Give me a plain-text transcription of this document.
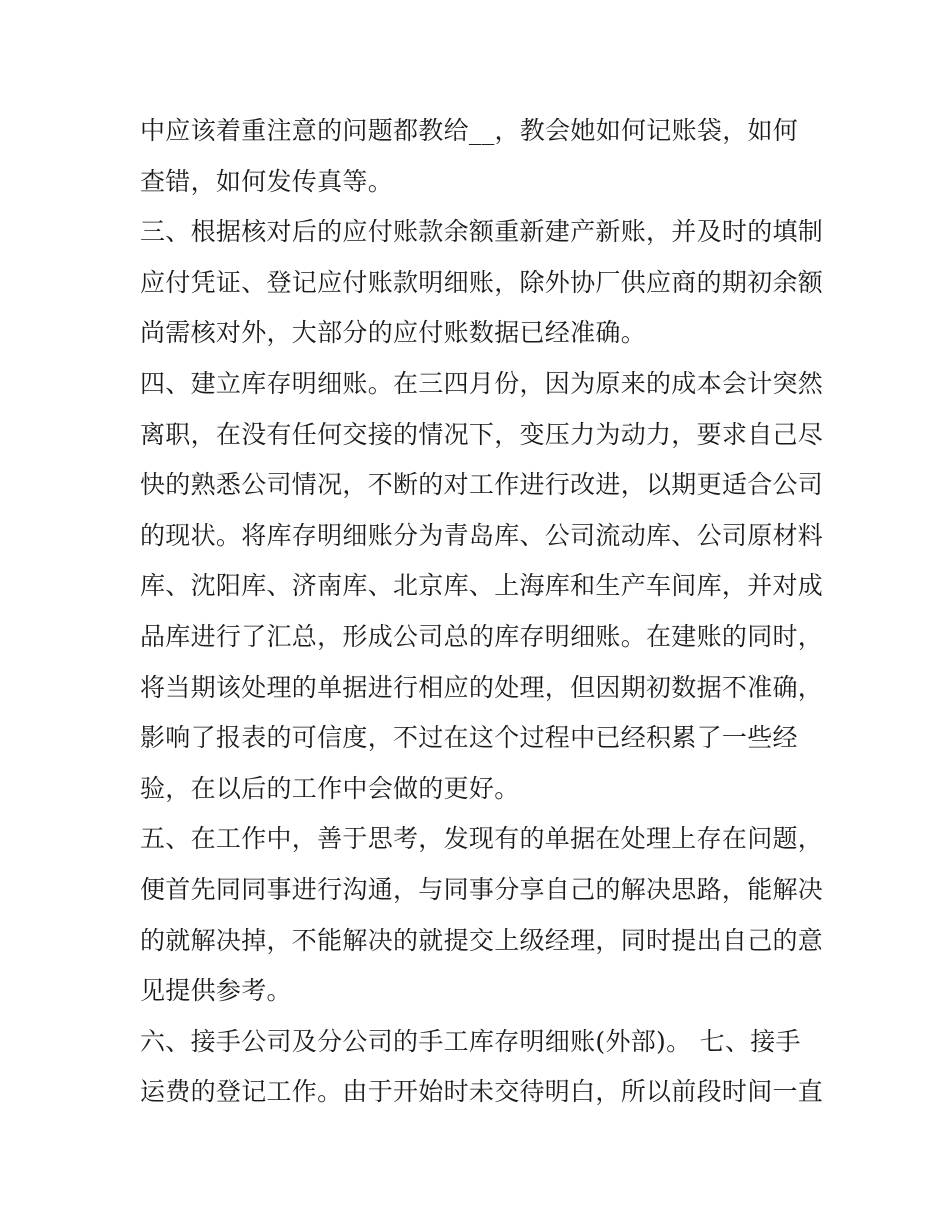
中应该着重注意的问题都教给__，教会她如何记账袋，如何
查错，如何发传真等。
三、根据核对后的应付账款余额重新建产新账，并及时的填制
应付凭证、登记应付账款明细账，除外协厂供应商的期初余额
尚需核对外，大部分的应付账数据已经准确。
四、建立库存明细账。在三四月份，因为原来的成本会计突然
离职，在没有任何交接的情况下，变压力为动力，要求自己尽
快的熟悉公司情况，不断的对工作进行改进，以期更适合公司
的现状。将库存明细账分为青岛库、公司流动库、公司原材料
库、沈阳库、济南库、北京库、上海库和生产车间库，并对成
品库进行了汇总，形成公司总的库存明细账。在建账的同时，
将当期该处理的单据进行相应的处理，但因期初数据不准确，
影响了报表的可信度，不过在这个过程中已经积累了一些经
验，在以后的工作中会做的更好。
五、在工作中，善于思考，发现有的单据在处理上存在问题，
便首先同同事进行沟通，与同事分享自己的解决思路，能解决
的就解决掉，不能解决的就提交上级经理，同时提出自己的意
见提供参考。
六、接手公司及分公司的手工库存明细账(外部)。 七、接手
运费的登记工作。由于开始时未交待明白，所以前段时间一直
